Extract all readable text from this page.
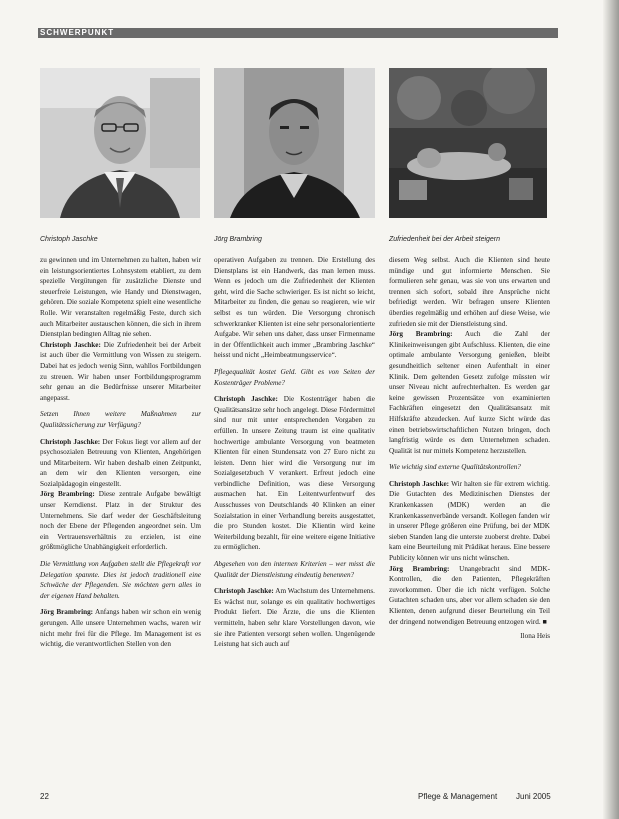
SCHWERPUNKT
Christoph Jaschke	Jörg Brambring	Zufriedenheit bei der Arbeit steigern

zu gewinnen und im Unternehmen zu halten, haben wir ein leistungsorientiertes Lohnsystem etabliert, zu dem spezielle Vergütungen für zusätzliche Dienste und steuerfreie Leistungen, wie Handy und Dienstwagen, gehören. Die soziale Kompetenz spielt eine wesentliche Rolle. Wir veranstalten regelmäßig Feste, durch sich auch Mitarbeiter austauschen können, die sich in ihrem Dienstplan bedingten Alltag nie sehen.

Christoph Jaschke: Die Zufriedenheit bei der Arbeit ist auch über die Vermittlung von Wissen zu steigern. Dabei hat es jedoch wenig Sinn, wahllos Fortbildungen zu streuen. Wir haben unser Fortbildungsprogramm sehr genau an die Bedürfnisse unserer Mitarbeiter angepasst.

Setzen Ihnen weitere Maßnahmen zur Qualitätssicherung zur Verfügung?

Christoph Jaschke: Der Fokus liegt vor allem auf der psychosozialen Betreuung von Klienten, Angehörigen und Mitarbeitern. Wir haben deshalb einen Zeitpunkt, an dem wir den Klienten versorgen, eine Sozialpädagogin eingestellt.

Jörg Brambring: Diese zentrale Aufgabe bewältigt unser Kerndienst. Platz in der Struktur des Unternehmens. Sie darf weder der Geschäftsleitung noch der Ebene der Pflegenden angeordnet sein. Um ein Vertrauensverhältnis zu erzielen, ist eine größtmögliche Unabhängigkeit erforderlich.

Die Vermittlung von Aufgaben stellt die Pflegekraft vor Delegation spannte. Dies ist jedoch traditionell eine Schwäche der Pflegenden. Sie möchten gern alles in der eigenen Hand behalten.

Jörg Brambring: Anfangs haben wir schon ein wenig gerungen. Alle unsere Unternehmen wachs, waren wir nicht mehr frei für die Pflege. Im Management ist es wichtig, die verantwortlichen Stellen von den

operativen Aufgaben zu trennen. Die Erstellung des Dienstplans ist ein Handwerk, das man lernen muss. Wenn es jedoch um die Zufriedenheit der Klienten geht, wird die Sache schwieriger. Es ist nicht so leicht, Mitarbeiter zu finden, die genau so reagieren, wie wir selbst es tun würden. Die Versorgung chronisch schwerkranker Klienten ist eine sehr personalorientierte Aufgabe. Wir sehen uns daher, dass unser Firmenname in der Öffentlichkeit auch immer „Brambring Jaschke“ heisst und nicht „Heimbeatmungsservice“.

Pflegequalität kostet Geld. Gibt es von Seiten der Kostenträger Probleme?

Christoph Jaschke: Die Kostenträger haben die Qualitätsansätze sehr hoch angelegt. Diese Fördermittel sind nur mit unter entsprechenden Vorgaben zu erfüllen. In unsere Zeitung traum ist eine qualitativ hochwertige ambulante Versorgung von beatmeten Klienten für einen Stundensatz von 27 Euro nicht zu leisten. Denn hier wird die Versorgung nur im Sozialgesetzbuch V verankert. Erfreut jedoch eine verbindliche Definition, was diese Versorgung ausmachen hat. Ein Leitentwurfentwurf des Ausschusses von Deutschlands 40 Klinken an einer Sozialstation in einer Verhandlung bereits ausgestattet, die pro Stunden kostet. Die Klientin wird keine Weiterbildung bezahlt, für eine weitere eigene Initiative zu ermöglichen.

Abgesehen von den internen Kriterien – wer misst die Qualität der Dienstleistung eindeutig benennen?

Christoph Jaschke: Am Wachstum des Unternehmens. Es wächst nur, solange es ein qualitativ hochwertiges Produkt liefert. Die Ärzte, die uns die Klienten vermitteln, haben sehr klare Vorstellungen davon, wie sie ihre Patienten versorgt sehen wollen. Ungenügende Leistung hat sich auch auf

diesem Weg selbst. Auch die Klienten sind heute mündige und gut informierte Menschen. Sie formulieren sehr genau, was sie von uns erwarten und trennen sich sofort, sobald ihre Ansprüche nicht befriedigt werden. Wir befragen unsere Klienten überdies regelmäßig und erhöhen auf diese Weise, wie zufrieden sie mit der Dienstleistung sind.

Jörg Brambring: Auch die Zahl der Klinikeinweisungen gibt Aufschluss. Klienten, die eine optimale ambulante Versorgung genießen, bleibt gesundheitlich seltener einen Aufenthalt in einer Klinik. Dem geltenden Gesetz zufolge müssten wir unser Niveau nicht aufrechterhalten. Es werden gar keine gewissen Prozentsätze von examinierten Fachkräften eingesetzt den Qualitätsansatz mit Hilfskräfte abzudecken. Auf kurze Sicht würde das einen betriebswirtschaftlichen Nutzen bringen, doch langfristig würde es dem Unternehmen schaden. Qualität ist nur mittels Kompetenz herzustellen.

Wie wichtig sind externe Qualitätskontrollen?

Christoph Jaschke: Wir halten sie für extrem wichtig. Die Gutachten des Medizinischen Dienstes der Krankenkassen (MDK) werden an die Krankenkassenverbände versandt. Kollegen fanden wir in unserer Pflege größeren eine Prüfung, bei der MDK sieben Standen lang die unterste zuoberst drehte. Dabei kam eine Beurteilung mit Prädikat heraus. Eine bessere Publicity können wir uns nicht wünschen.

Jörg Brambring: Unangebracht sind MDK-Kontrollen, die den Patienten, Pflegekräften zuvorkommen. Über die ich nicht verfügen. Solche Gutachten schaden uns, aber vor allem schaden sie den Klienten, denen aufgrund dieser Beurteilung ein Teil der dringend notwendigen Betreuung entzogen wird. ■

Ilona Heis

22	Pflege & Management Juni 2005
